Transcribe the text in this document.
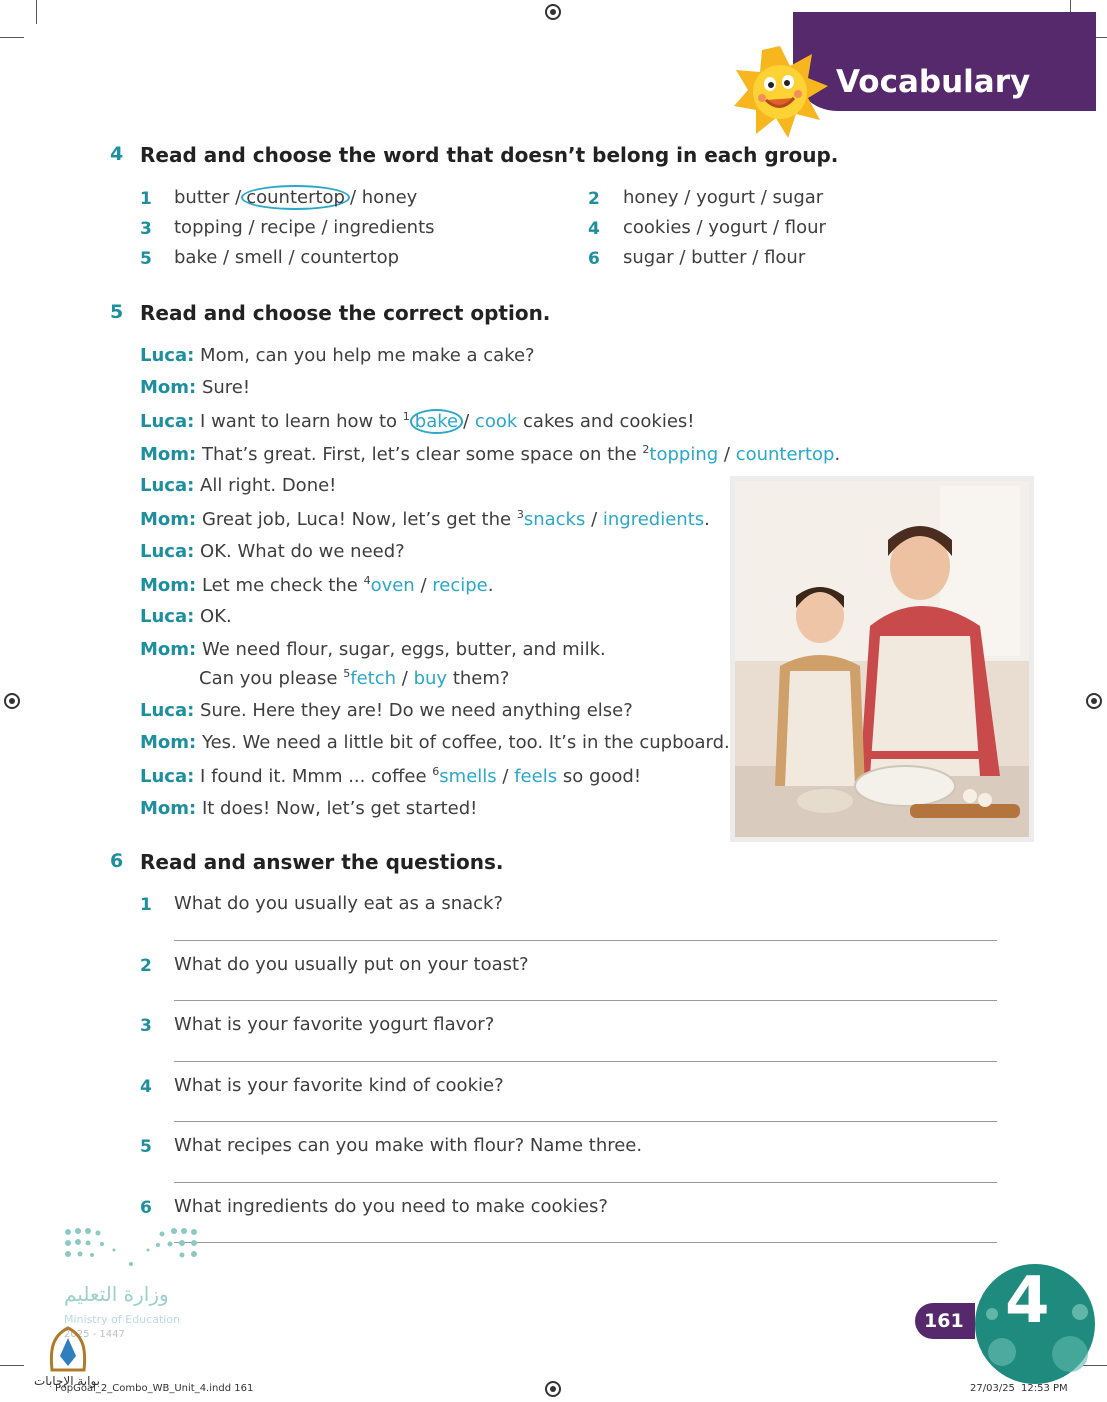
Vocabulary
4 Read and choose the word that doesn’t belong in each group.
1 butter / countertop / honey	2 honey / yogurt / sugar
3 topping / recipe / ingredients	4 cookies / yogurt / flour
5 bake / smell / countertop	6 sugar / butter / flour
5 Read and choose the correct option.
Luca: Mom, can you help me make a cake?
Mom: Sure!
Luca: I want to learn how to $^1$ bake / cook cakes and cookies!
Mom: That’s great. First, let’s clear some space on the $^2$topping / countertop.
Luca: All right. Done!
Mom: Great job, Luca! Now, let’s get the $^3$snacks / ingredients.
Luca: OK. What do we need?
Mom: Let me check the $^4$oven / recipe.
Luca: OK.
Mom: We need flour, sugar, eggs, butter, and milk.
Can you please $^5$fetch / buy them?
Luca: Sure. Here they are! Do we need anything else?
Mom: Yes. We need a little bit of coffee, too. It’s in the cupboard.
Luca: I found it. Mmm ... coffee $^6$smells / feels so good!
Mom: It does! Now, let’s get started!
6 Read and answer the questions.
1 What do you usually eat as a snack?
2 What do you usually put on your toast?
3 What is your favorite yogurt flavor?
4 What is your favorite kind of cookie?
5 What recipes can you make with flour? Name three.
6 What ingredients do you need to make cookies?
وزارة التعليم
Ministry of Education
2025 - 1447
بوابة الإجابات
161 4
PopGoal_2_Combo_WB_Unit_4.indd 161	27/03/25 12:53 PM
